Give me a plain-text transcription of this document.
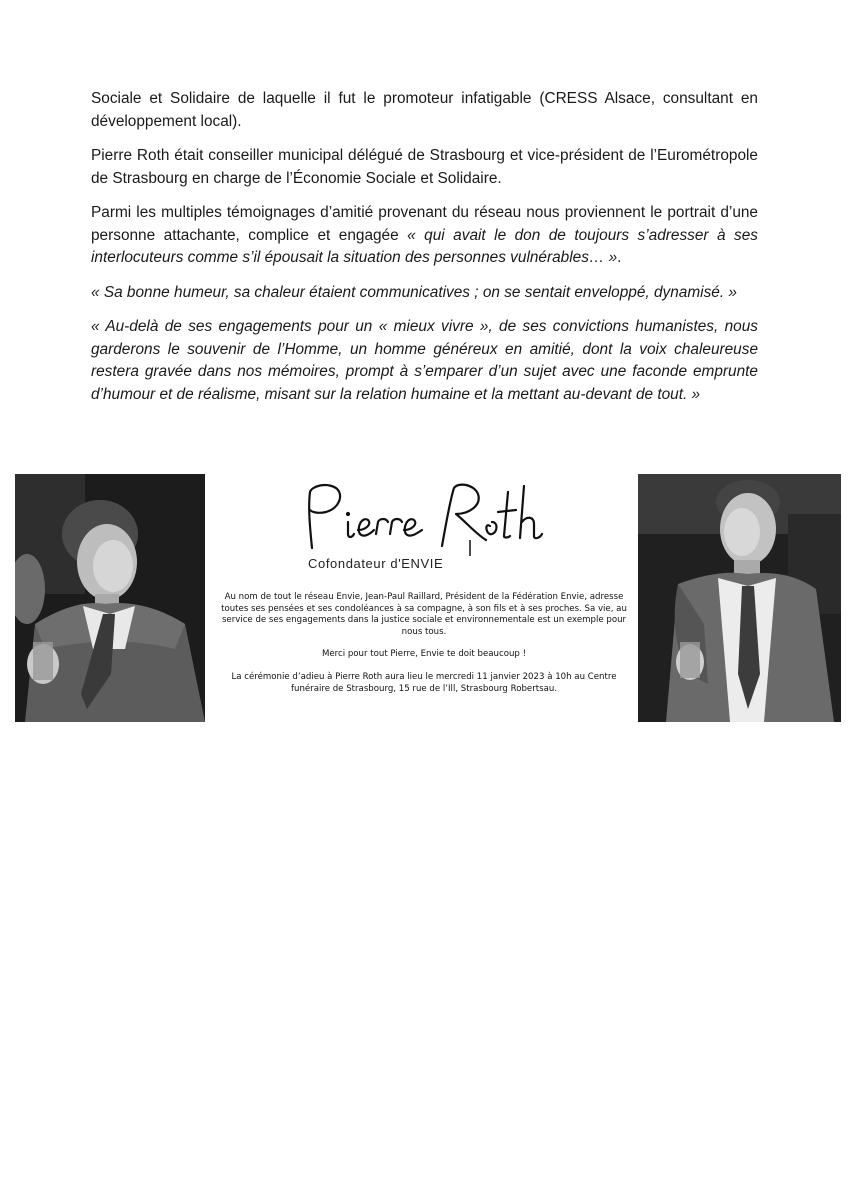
Sociale et Solidaire de laquelle il fut le promoteur infatigable (CRESS Alsace, consultant en développement local).

Pierre Roth était conseiller municipal délégué de Strasbourg et vice-président de l’Eurométropole de Strasbourg en charge de l’Économie Sociale et Solidaire.

Parmi les multiples témoignages d’amitié provenant du réseau nous proviennent le portrait d’une personne attachante, complice et engagée « qui avait le don de toujours s’adresser à ses interlocuteurs comme s’il épousait la situation des personnes vulnérables… ».

« Sa bonne humeur, sa chaleur étaient communicatives ; on se sentait enveloppé, dynamisé. »

« Au-delà de ses engagements pour un « mieux vivre », de ses convictions humanistes, nous garderons le souvenir de l’Homme, un homme généreux en amitié, dont la voix chaleureuse restera gravée dans nos mémoires, prompt à s’emparer d’un sujet avec une faconde emprunte d’humour et de réalisme, misant sur la relation humaine et la mettant au-devant de tout. »

Cofondateur d'ENVIE

Au nom de tout le réseau Envie, Jean-Paul Raillard, Président de la Fédération Envie, adresse toutes ses pensées et ses condoléances à sa compagne, à son fils et à ses proches. Sa vie, au service de ses engagements dans la justice sociale et environnementale est un exemple pour nous tous.

Merci pour tout Pierre, Envie te doit beaucoup !

La cérémonie d’adieu à Pierre Roth aura lieu le mercredi 11 janvier 2023 à 10h au Centre funéraire de Strasbourg, 15 rue de l’Ill, Strasbourg Robertsau.
